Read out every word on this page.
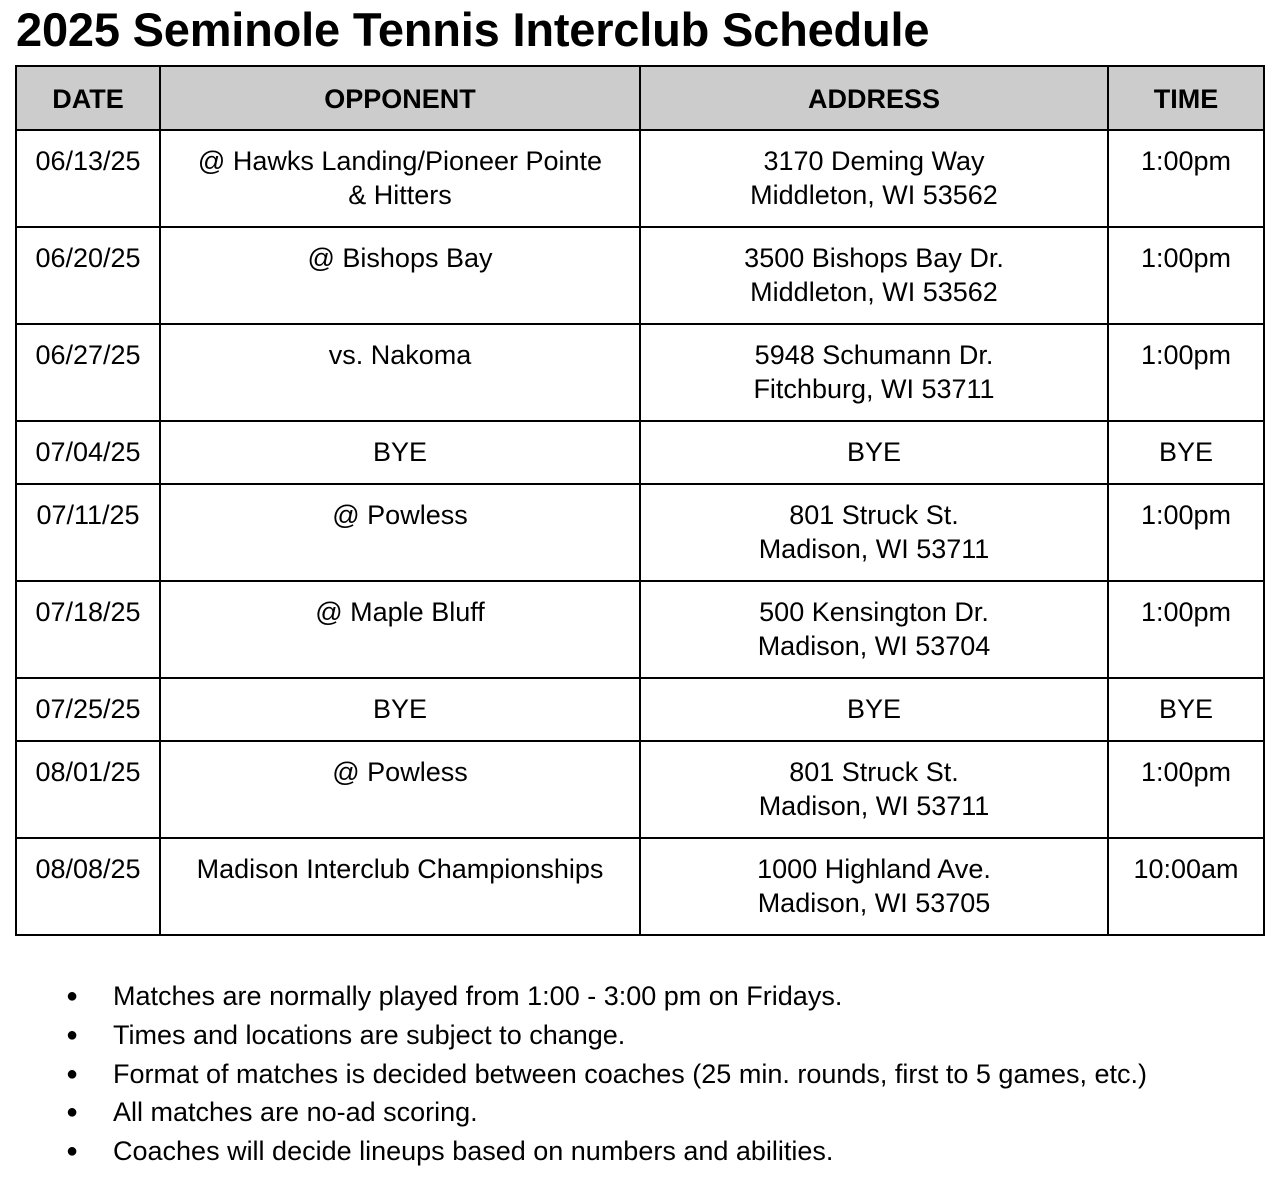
2025 Seminole Tennis Interclub Schedule
DATE	OPPONENT	ADDRESS	TIME
06/13/25	@ Hawks Landing/Pioneer Pointe
& Hitters	3170 Deming Way
Middleton, WI 53562	1:00pm
06/20/25	@ Bishops Bay	3500 Bishops Bay Dr.
Middleton, WI 53562	1:00pm
06/27/25	vs. Nakoma	5948 Schumann Dr.
Fitchburg, WI 53711	1:00pm
07/04/25	BYE	BYE	BYE
07/11/25	@ Powless	801 Struck St.
Madison, WI 53711	1:00pm
07/18/25	@ Maple Bluff	500 Kensington Dr.
Madison, WI 53704	1:00pm
07/25/25	BYE	BYE	BYE
08/01/25	@ Powless	801 Struck St.
Madison, WI 53711	1:00pm
08/08/25	Madison Interclub Championships	1000 Highland Ave.
Madison, WI 53705	10:00am
● Matches are normally played from 1:00 - 3:00 pm on Fridays.
● Times and locations are subject to change.
● Format of matches is decided between coaches (25 min. rounds, first to 5 games, etc.)
● All matches are no-ad scoring.
● Coaches will decide lineups based on numbers and abilities.
